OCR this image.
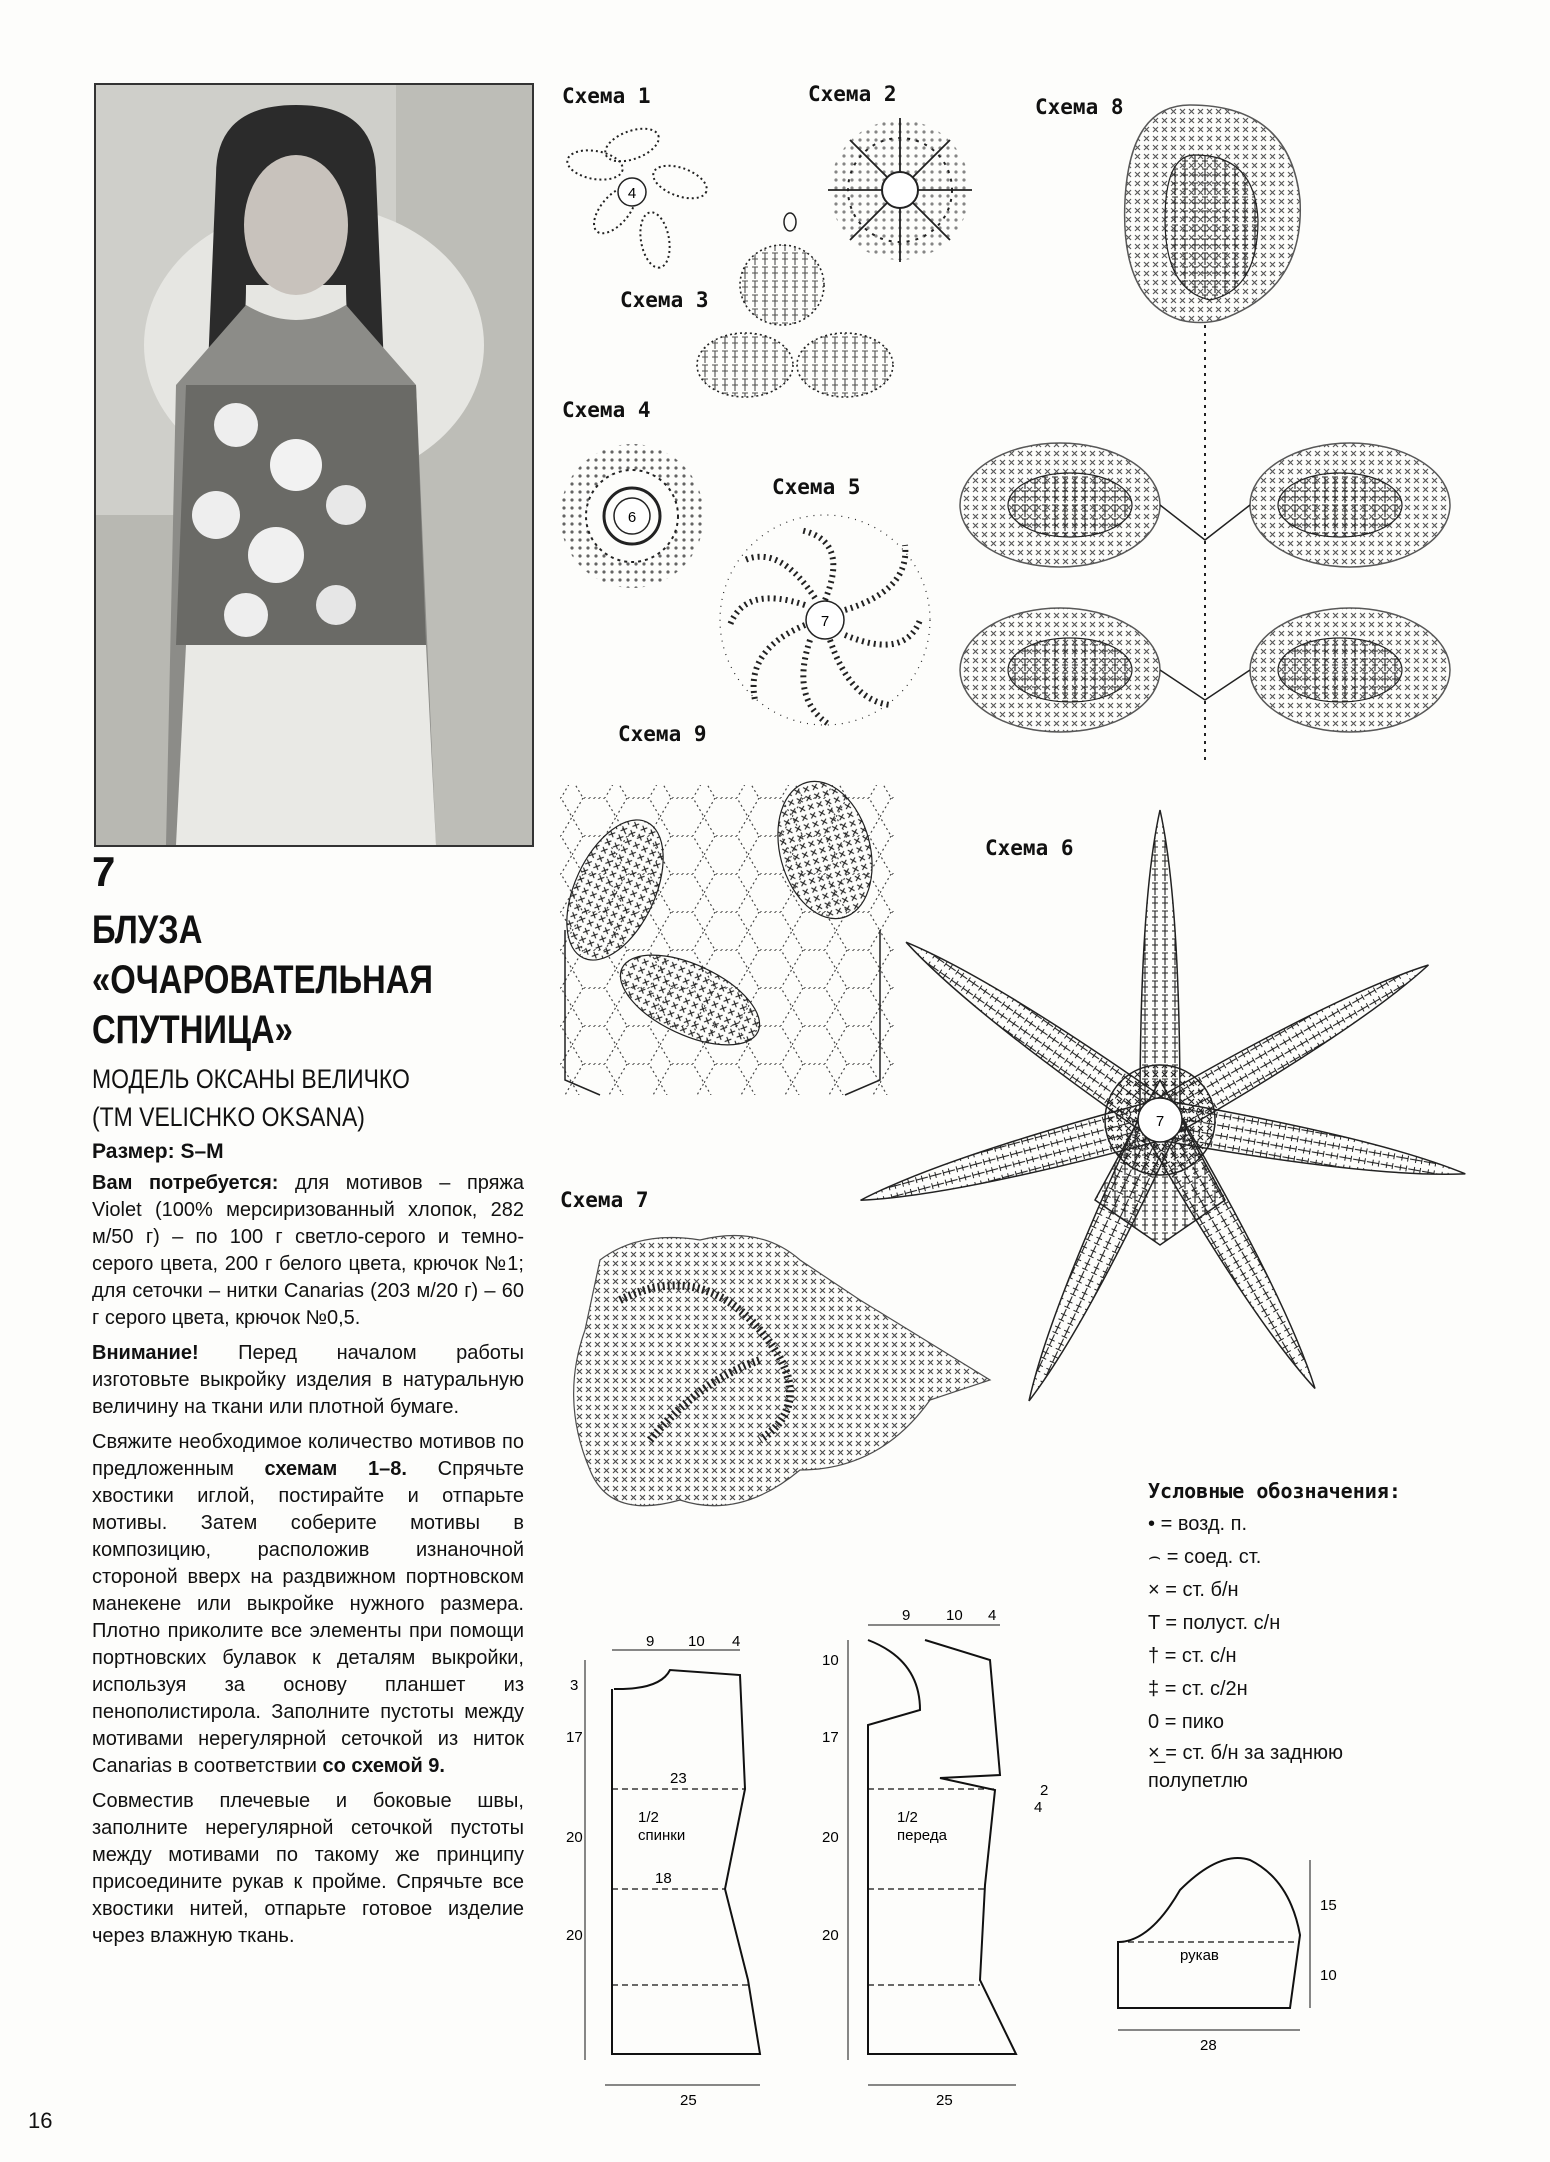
7
БЛУЗА
«ОЧАРОВАТЕЛЬНАЯ
СПУТНИЦА»
МОДЕЛЬ ОКСАНЫ ВЕЛИЧКО
(TM VELICHKO OKSANA)
Размер: S–M

Вам потребуется: для мотивов – пряжа Violet (100% мерсиризованный хлопок, 282 м/50 г) – по 100 г светло-серого и темно-серого цвета, 200 г белого цвета, крючок №1; для сеточки – нитки Canarias (203 м/20 г) – 60 г серого цвета, крючок №0,5.

Внимание! Перед началом работы изготовьте выкройку изделия в натуральную величину на ткани или плотной бумаге.

Свяжите необходимое количество мотивов по предложенным схемам 1–8. Спрячьте хвостики иглой, постирайте и отпарьте мотивы. Затем соберите мотивы в композицию, расположив изнаночной стороной вверх на раздвижном портновском манекене или выкройке нужного размера. Плотно приколите все элементы при помощи портновских булавок к деталям выкройки, используя за основу планшет из пенополистирола. Заполните пустоты между мотивами нерегулярной сеточкой из ниток Canarias в соответствии со схемой 9.

Совместив плечевые и боковые швы, заполните нерегулярной сеточкой пустоты между мотивами по такому же принципу присоедините рукав к пройме. Спрячьте все хвостики нитей, отпарьте готовое изделие через влажную ткань.

16
Схема 1	Схема 2
Схема 3
Схема 4
Схема 5
Схема 6
Схема 7
Схема 8
Схема 9
4
6
7
7
9 10 4
3
17
20
20
23
18
1/2
спинки
25
9 10 4
10
17
20
20
2
4
1/2
переда
25
рукав
15
10
28
Условные обозначения:
• = возд. п.
⌢ = соед. ст.
× = ст. б/н
T = полуст. с/н
† = ст. с/н
‡ = ст. с/2н
0 = пико
×̲ = ст. б/н за заднюю полупетлю
